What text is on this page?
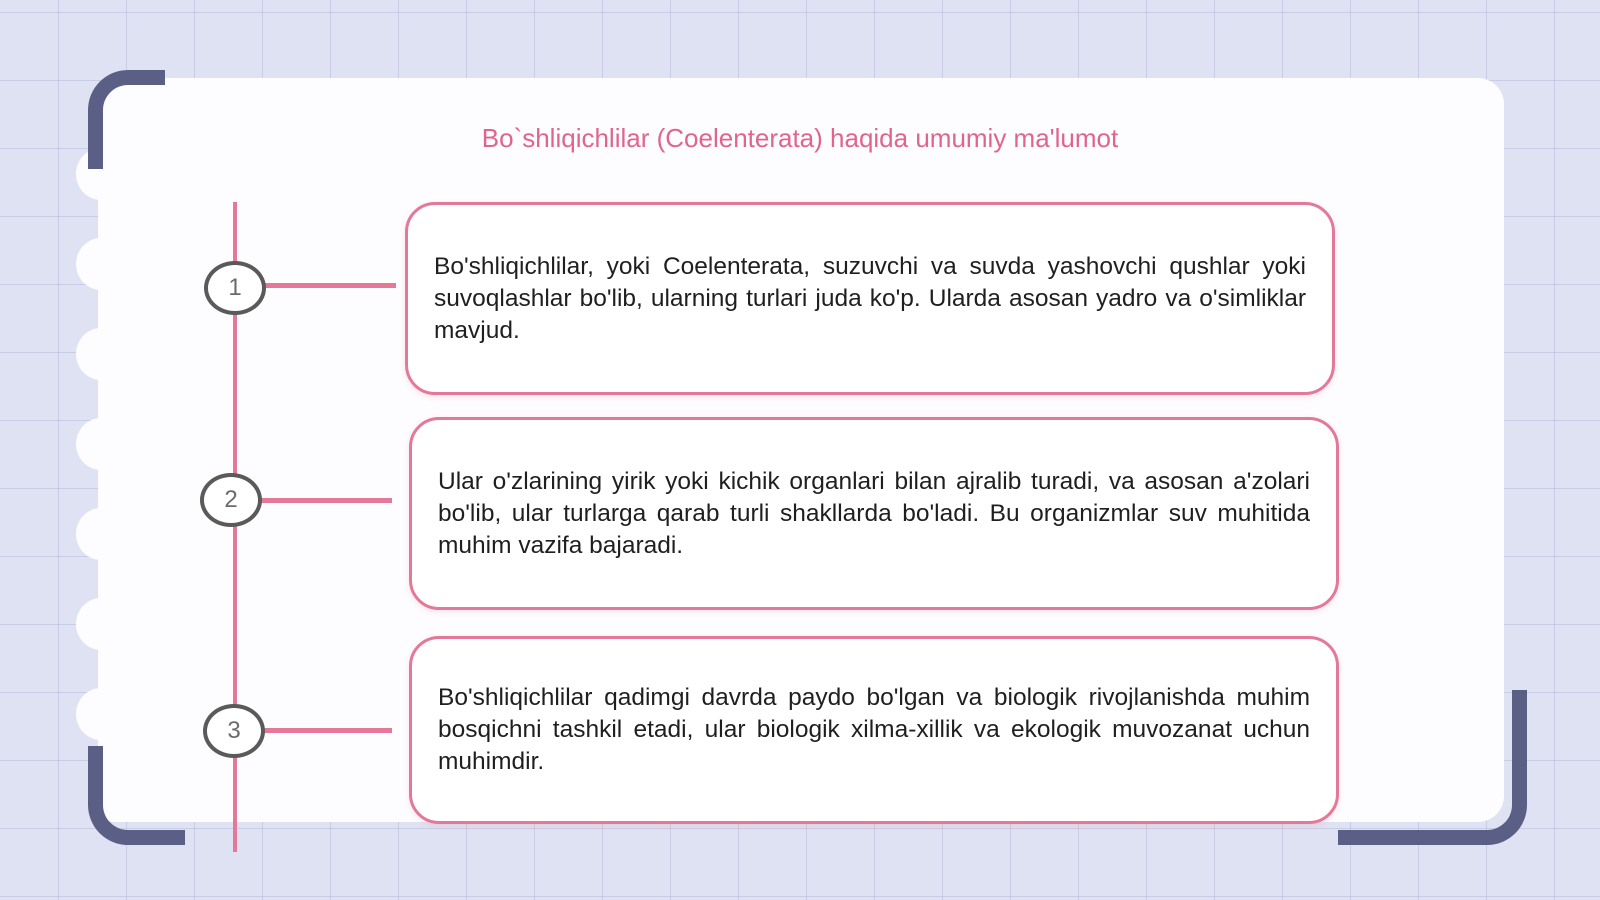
Bo`shliqichlilar (Coelenterata) haqida umumiy ma'lumot
1
Bo'shliqichlilar, yoki Coelenterata, suzuvchi va suvda yashovchi qushlar yoki suvoqlashlar bo'lib, ularning turlari juda ko'p. Ularda asosan yadro va o'simliklar mavjud.
2
Ular o'zlarining yirik yoki kichik organlari bilan ajralib turadi, va asosan a'zolari bo'lib, ular turlarga qarab turli shakllarda bo'ladi. Bu organizmlar suv muhitida muhim vazifa bajaradi.
3
Bo'shliqichlilar qadimgi davrda paydo bo'lgan va biologik rivojlanishda muhim bosqichni tashkil etadi, ular biologik xilma-xillik va ekologik muvozanat uchun muhimdir.
